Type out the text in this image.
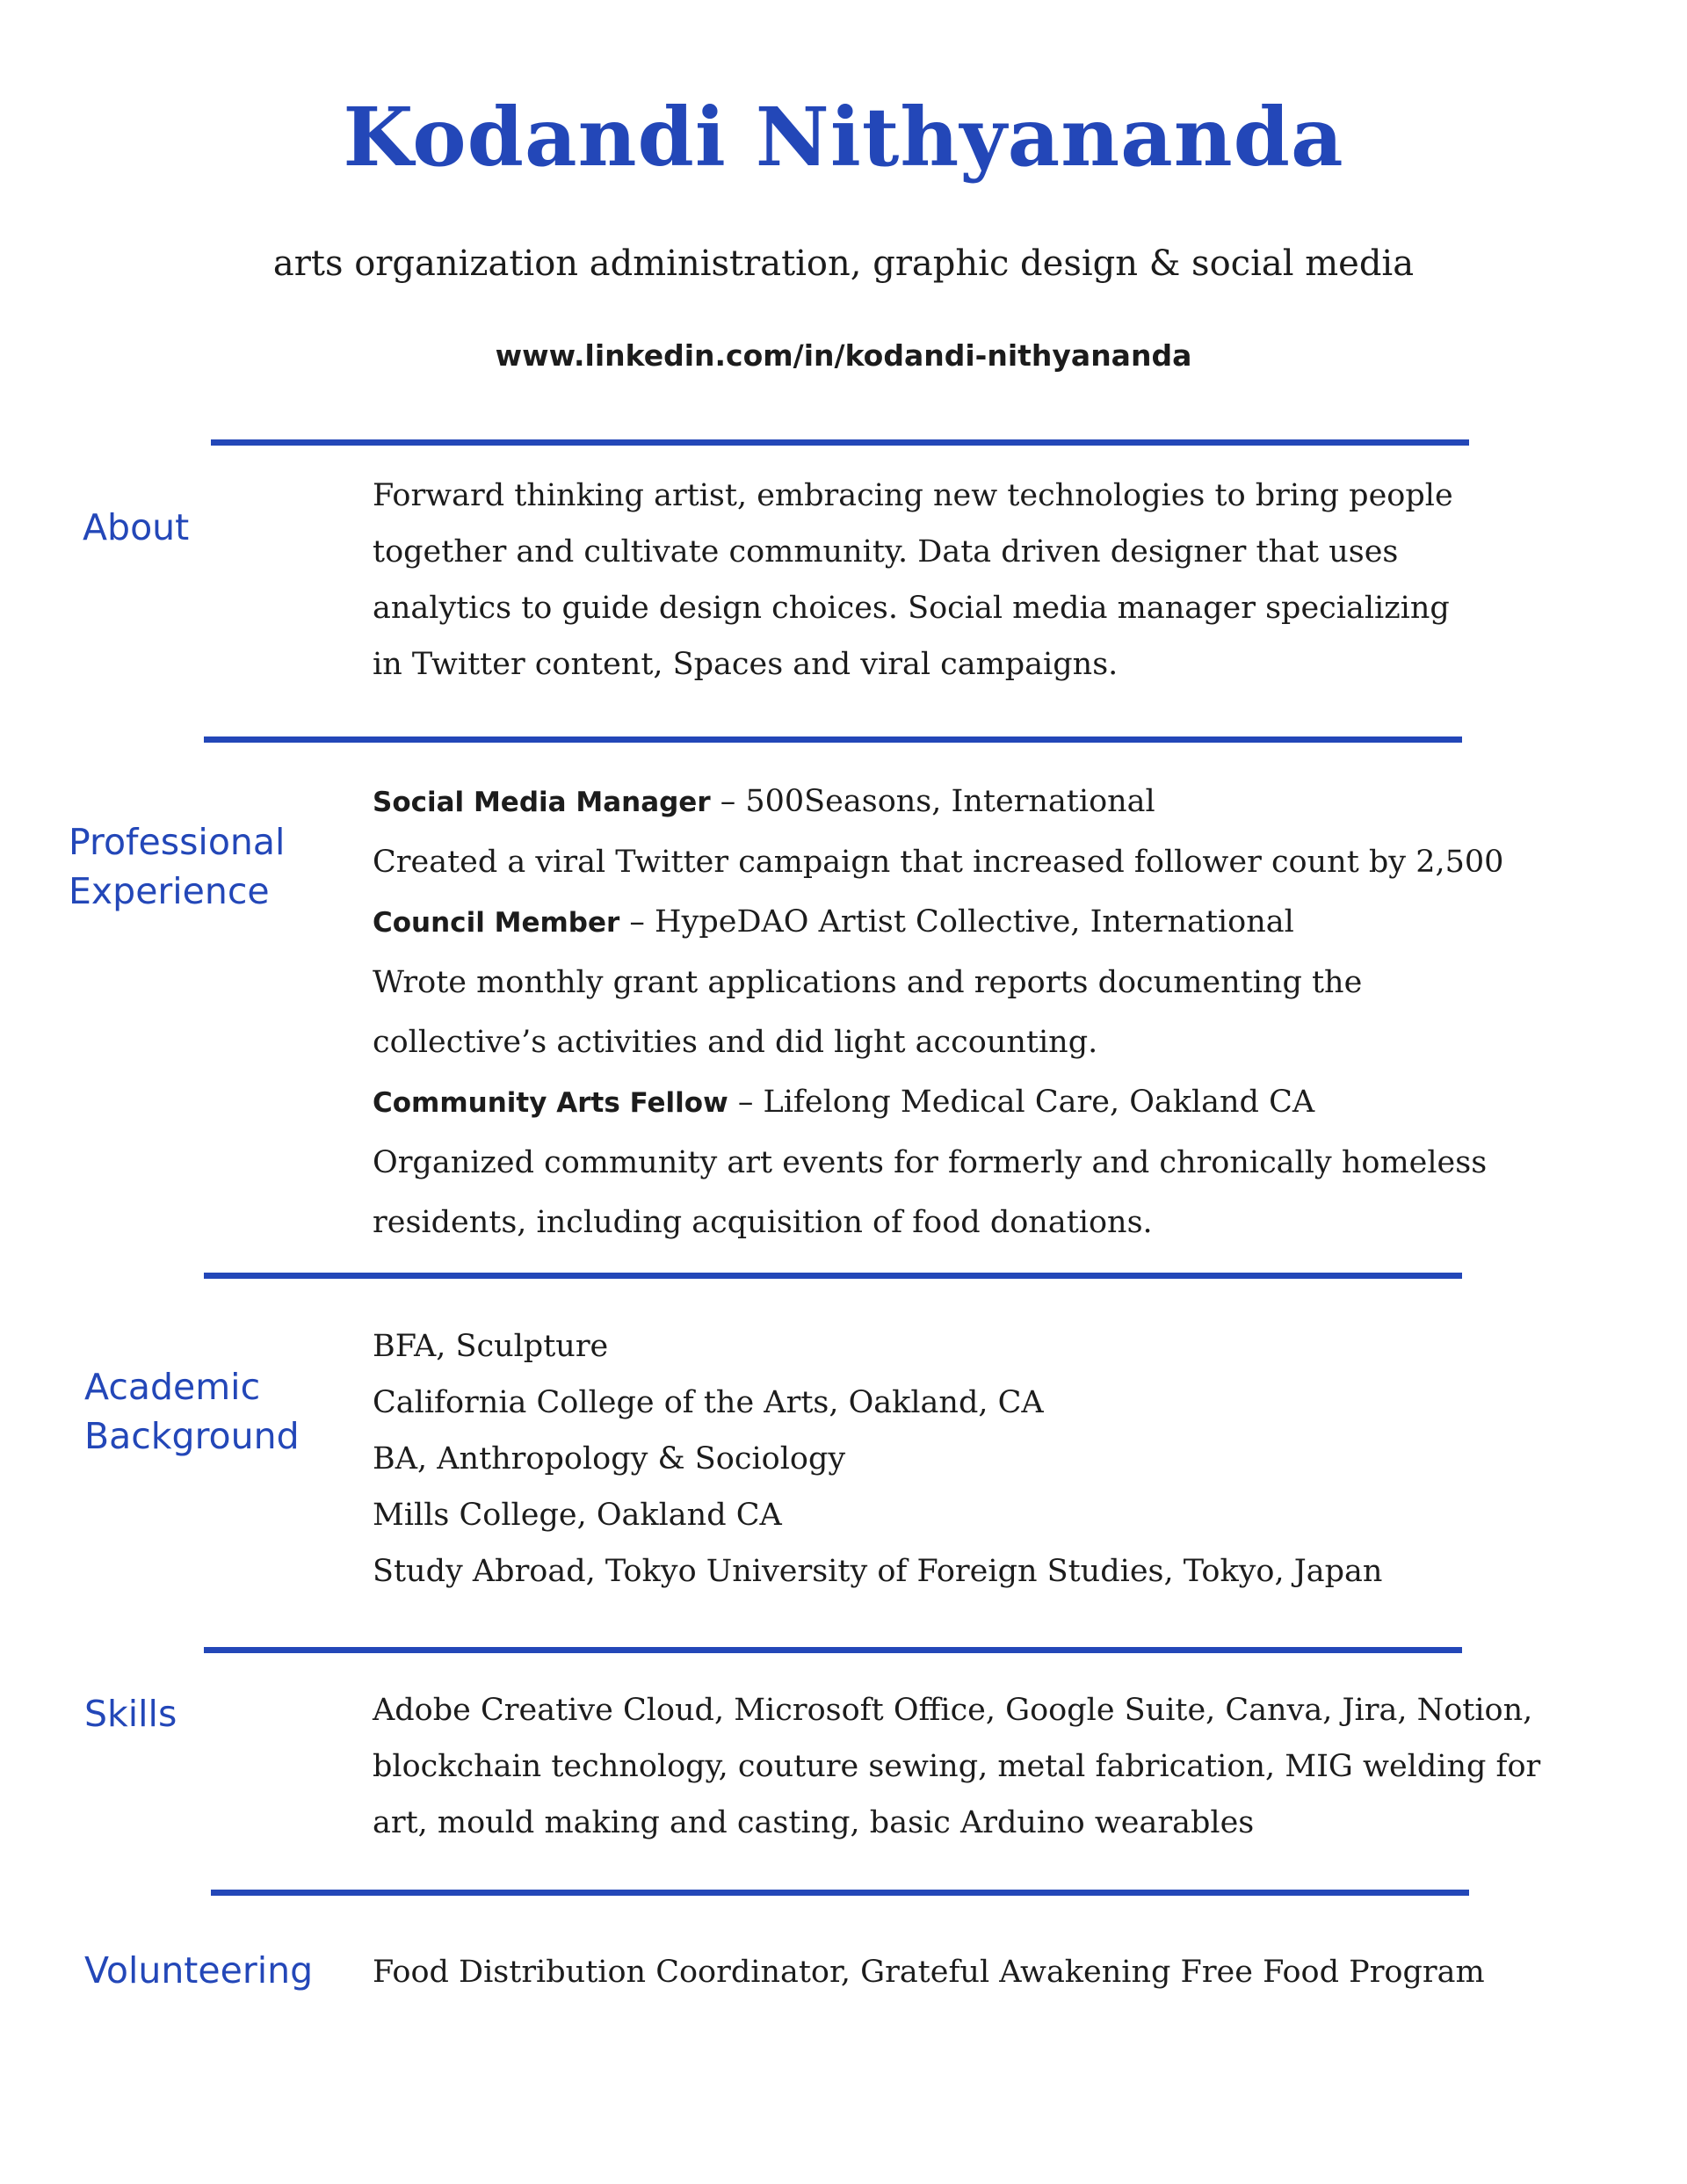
Kodandi Nithyananda
arts organization administration, graphic design & social media
www.linkedin.com/in/kodandi-nithyananda
About
Forward thinking artist, embracing new technologies to bring people
together and cultivate community. Data driven designer that uses
analytics to guide design choices. Social media manager specializing
in Twitter content, Spaces and viral campaigns.
Professional
Experience
Social Media Manager – 500Seasons, International
Created a viral Twitter campaign that increased follower count by 2,500
Council Member – HypeDAO Artist Collective, International
Wrote monthly grant applications and reports documenting the
collective’s activities and did light accounting.
Community Arts Fellow – Lifelong Medical Care, Oakland CA
Organized community art events for formerly and chronically homeless
residents, including acquisition of food donations.
Academic
Background
BFA, Sculpture
California College of the Arts, Oakland, CA
BA, Anthropology & Sociology
Mills College, Oakland CA
Study Abroad, Tokyo University of Foreign Studies, Tokyo, Japan
Skills	Adobe Creative Cloud, Microsoft Office, Google Suite, Canva, Jira, Notion,
blockchain technology, couture sewing, metal fabrication, MIG welding for
art, mould making and casting, basic Arduino wearables
Volunteering Food Distribution Coordinator, Grateful Awakening Free Food Program
